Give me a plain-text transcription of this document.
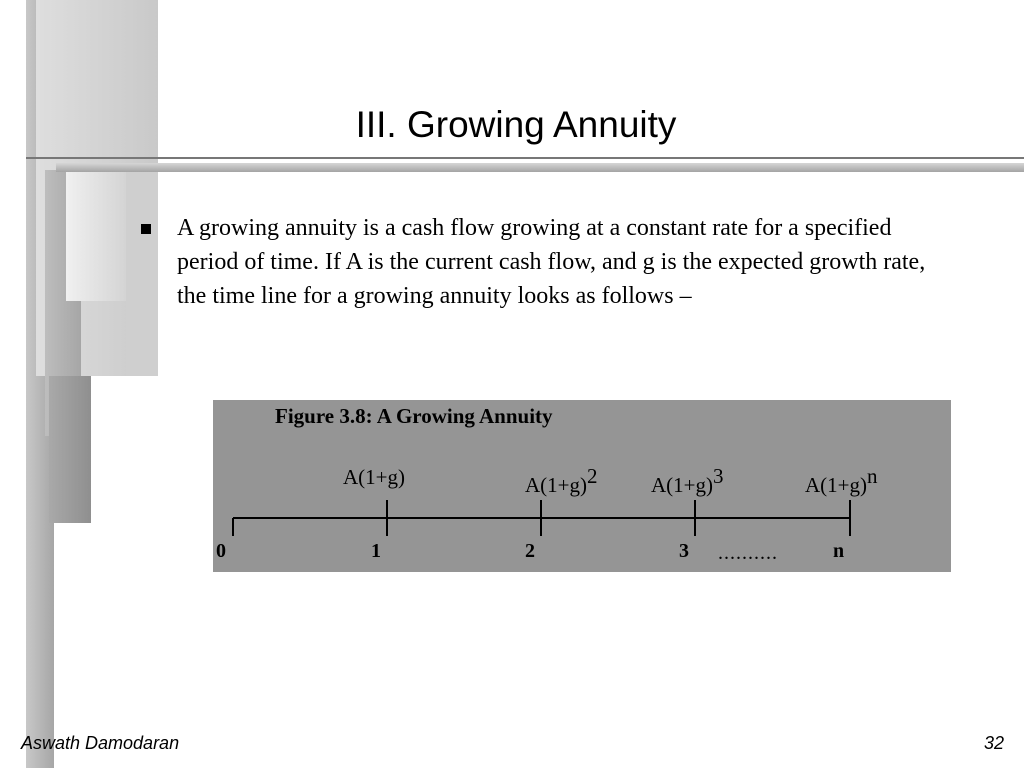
III. Growing Annuity
A growing annuity is a cash flow growing at a constant rate for a specified period of time. If A is the current cash flow, and g is the expected growth rate, the time line for a growing annuity looks as follows –
Figure 3.8: A Growing Annuity
A(1+g)	$A(1+g)^2$	$A(1+g)^3$	$A(1+g)^n$
0	1	2	3 ..........	n
Aswath Damodaran	32
